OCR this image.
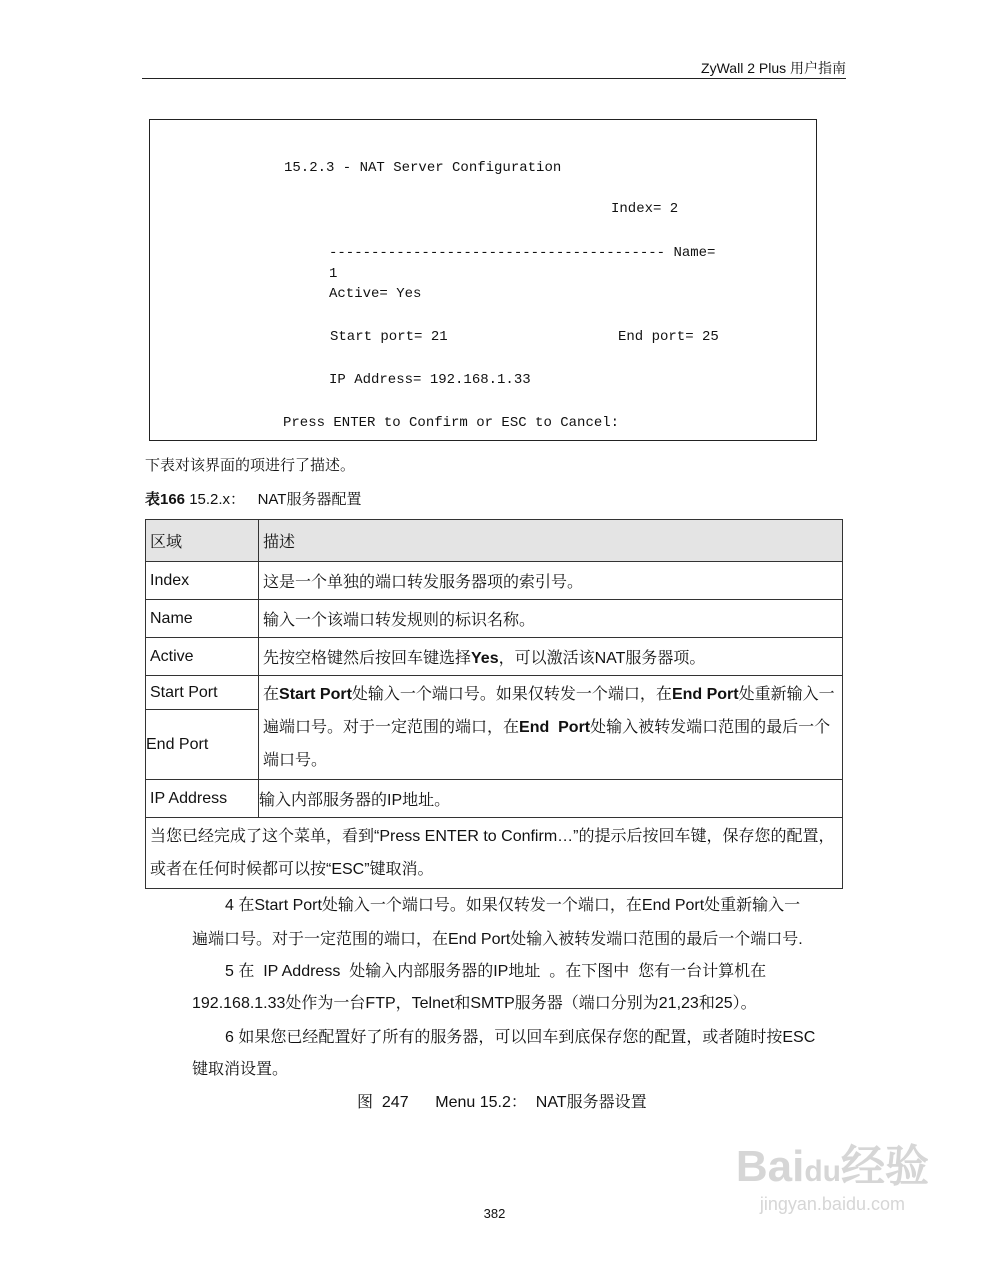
ZyWall 2 Plus 用户指南
15.2.3 - NAT Server Configuration
Index= 2
---------------------------------------- Name=
1
Active= Yes
Start port= 21	End port= 25
IP Address= 192.168.1.33
Press ENTER to Confirm or ESC to Cancel:
下表对该界面的项进行了描述。
表166 15.2.x：   NAT服务器配置
区域	描述
Index	这是一个单独的端口转发服务器项的索引号。
Name	输入一个该端口转发规则的标识名称。
Active	先按空格键然后按回车键选择Yes，可以激活该NAT服务器项。
Start Port	在Start Port处输入一个端口号。如果仅转发一个端口，在End Port处重新输入一遍端口号。对于一定范围的端口，在End  Port处输入被转发端口范围的最后一个端口号。
End Port	
IP Address	输入内部服务器的IP地址。
当您已经完成了这个菜单，看到“Press ENTER to Confirm…”的提示后按回车键，保存您的配置，或者在任何时候都可以按“ESC”键取消。	
4 在Start Port处输入一个端口号。如果仅转发一个端口，在End Port处重新输入一
遍端口号。对于一定范围的端口，在End Port处输入被转发端口范围的最后一个端口号.
5 在  IP Address  处输入内部服务器的IP地址  。在下图中  您有一台计算机在
192.168.1.33处作为一台FTP，Telnet和SMTP服务器（端口分别为21,23和25）。
6 如果您已经配置好了所有的服务器，可以回车到底保存您的配置，或者随时按ESC
键取消设置。
图  247      Menu 15.2：  NAT服务器设置
Baidu经验
jingyan.baidu.com
382
